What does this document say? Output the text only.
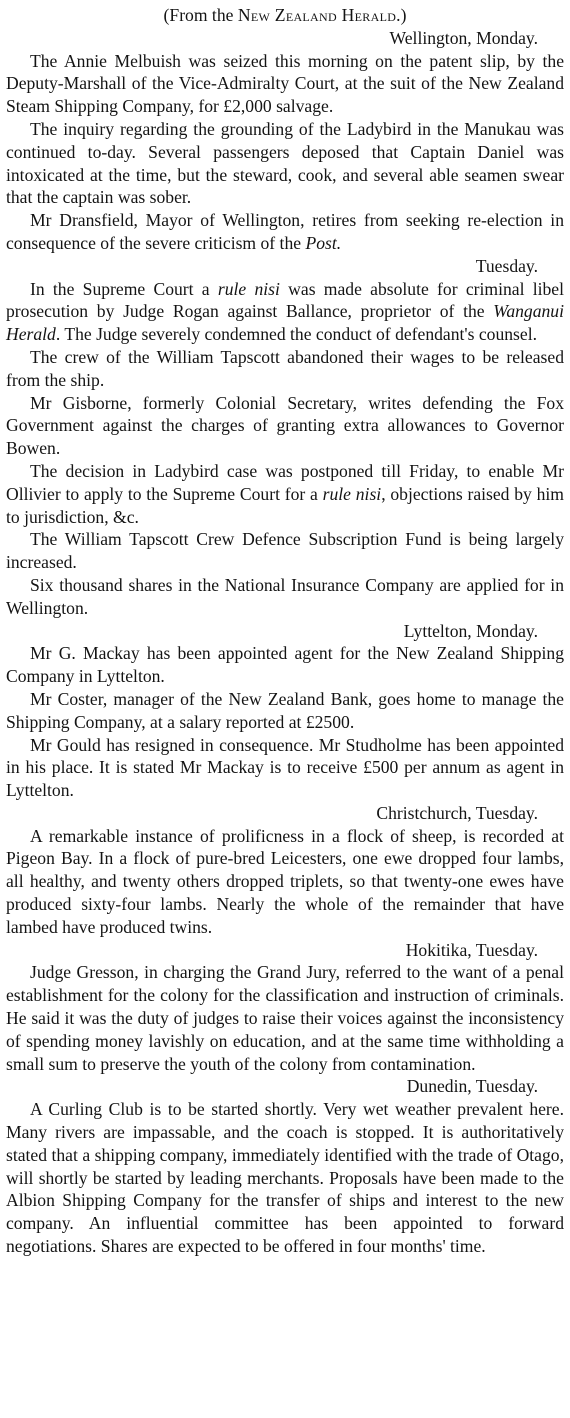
(From the New Zealand Herald.)
Wellington, Monday.

The Annie Melbuish was seized this morning on the patent slip, by the Deputy-Marshall of the Vice-Admiralty Court, at the suit of the New Zealand Steam Shipping Company, for £2,000 salvage.

The inquiry regarding the grounding of the Ladybird in the Manukau was continued to-day. Several passengers deposed that Captain Daniel was intoxicated at the time, but the steward, cook, and several able seamen swear that the captain was sober.

Mr Dransfield, Mayor of Wellington, retires from seeking re-election in consequence of the severe criticism of the Post.

Tuesday.

In the Supreme Court a rule nisi was made absolute for criminal libel prosecution by Judge Rogan against Ballance, proprietor of the Wanganui Herald. The Judge severely condemned the conduct of defendant's counsel.

The crew of the William Tapscott abandoned their wages to be released from the ship.

Mr Gisborne, formerly Colonial Secretary, writes defending the Fox Government against the charges of granting extra allowances to Governor Bowen.

The decision in Ladybird case was postponed till Friday, to enable Mr Ollivier to apply to the Supreme Court for a rule nisi, objections raised by him to jurisdiction, &c.

The William Tapscott Crew Defence Subscription Fund is being largely increased.

Six thousand shares in the National Insurance Company are applied for in Wellington.

Lyttelton, Monday.

Mr G. Mackay has been appointed agent for the New Zealand Shipping Company in Lyttelton.

Mr Coster, manager of the New Zealand Bank, goes home to manage the Shipping Company, at a salary reported at £2500.

Mr Gould has resigned in consequence. Mr Studholme has been appointed in his place. It is stated Mr Mackay is to receive £500 per annum as agent in Lyttelton.

Christchurch, Tuesday.

A remarkable instance of prolificness in a flock of sheep, is recorded at Pigeon Bay. In a flock of pure-bred Leicesters, one ewe dropped four lambs, all healthy, and twenty others dropped triplets, so that twenty-one ewes have produced sixty-four lambs. Nearly the whole of the remainder that have lambed have produced twins.

Hokitika, Tuesday.

Judge Gresson, in charging the Grand Jury, referred to the want of a penal establishment for the colony for the classification and instruction of criminals. He said it was the duty of judges to raise their voices against the inconsistency of spending money lavishly on education, and at the same time withholding a small sum to preserve the youth of the colony from contamination.

Dunedin, Tuesday.

A Curling Club is to be started shortly. Very wet weather prevalent here. Many rivers are impassable, and the coach is stopped. It is authoritatively stated that a shipping company, immediately identified with the trade of Otago, will shortly be started by leading merchants. Proposals have been made to the Albion Shipping Company for the transfer of ships and interest to the new company. An influential committee has been appointed to forward negotiations. Shares are expected to be offered in four months' time.
